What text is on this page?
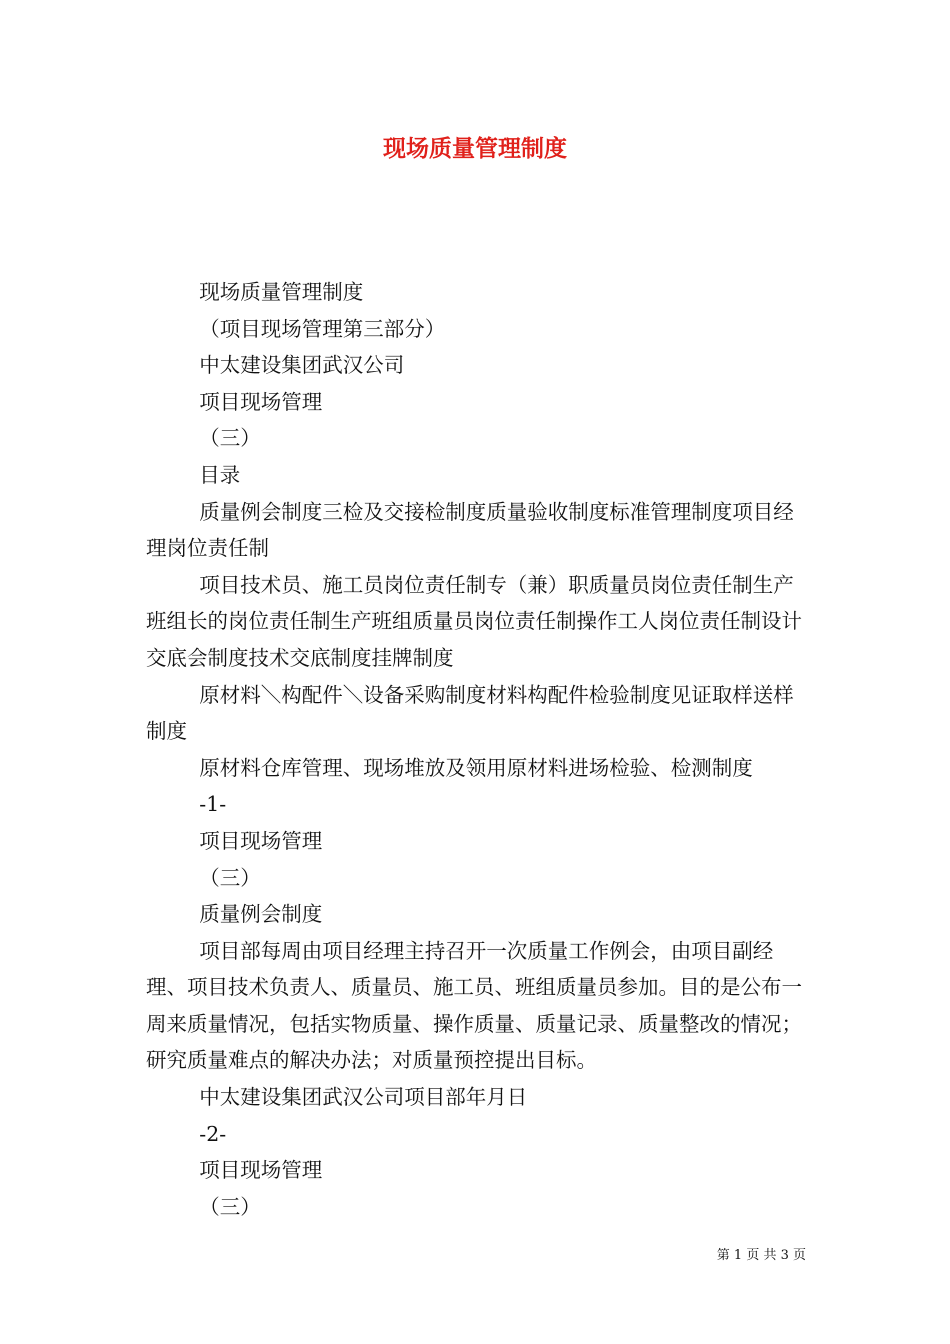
现场质量管理制度

现场质量管理制度

（项目现场管理第三部分）

中太建设集团武汉公司

项目现场管理

（三）

目录

质量例会制度三检及交接检制度质量验收制度标准管理制度项目经理岗位责任制

项目技术员、施工员岗位责任制专（兼）职质量员岗位责任制生产班组长的岗位责任制生产班组质量员岗位责任制操作工人岗位责任制设计交底会制度技术交底制度挂牌制度

原材料＼构配件＼设备采购制度材料构配件检验制度见证取样送样制度

原材料仓库管理、现场堆放及领用原材料进场检验、检测制度

-1-

项目现场管理

（三）

质量例会制度

项目部每周由项目经理主持召开一次质量工作例会，由项目副经理、项目技术负责人、质量员、施工员、班组质量员参加。目的是公布一周来质量情况，包括实物质量、操作质量、质量记录、质量整改的情况；研究质量难点的解决办法；对质量预控提出目标。

中太建设集团武汉公司项目部年月日

-2-

项目现场管理

（三）

第 1 页 共 3 页
